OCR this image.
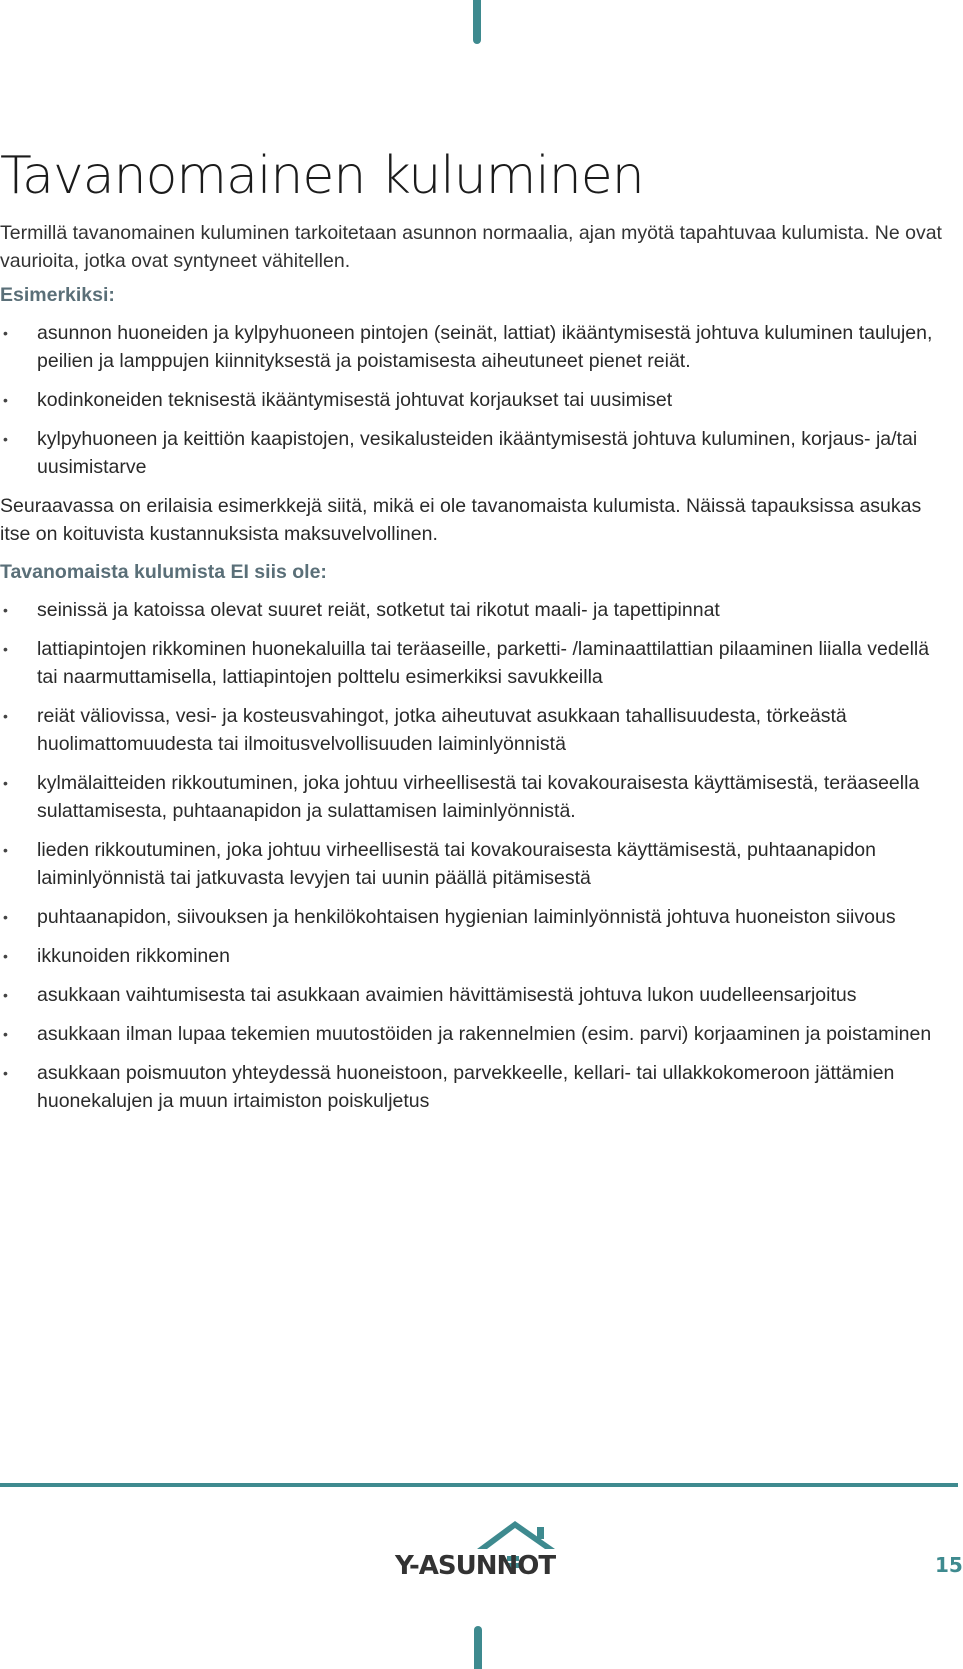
Tavanomainen kuluminen

Termillä tavanomainen kuluminen tarkoitetaan asunnon normaalia, ajan myötä tapahtuvaa kulumista. Ne ovat vaurioita, jotka ovat syntyneet vähitellen.

Esimerkiksi:
• asunnon huoneiden ja kylpyhuoneen pintojen (seinät, lattiat) ikääntymisestä johtuva kuluminen taulujen, peilien ja lamppujen kiinnityksestä ja poistamisesta aiheutuneet pienet reiät.
• kodinkoneiden teknisestä ikääntymisestä johtuvat korjaukset tai uusimiset
• kylpyhuoneen ja keittiön kaapistojen, vesikalusteiden ikääntymisestä johtuva kuluminen, korjaus- ja/tai uusimistarve

Seuraavassa on erilaisia esimerkkejä siitä, mikä ei ole tavanomaista kulumista. Näissä tapauksissa asukas itse on koituvista kustannuksista maksuvelvollinen.

Tavanomaista kulumista EI siis ole:
• seinissä ja katoissa olevat suuret reiät, sotketut tai rikotut maali- ja tapettipinnat
• lattiapintojen rikkominen huonekaluilla tai teräaseille, parketti- /laminaattilattian pilaaminen liialla vedellä tai naarmuttamisella, lattiapintojen polttelu esimerkiksi savukkeilla
• reiät väliovissa, vesi- ja kosteusvahingot, jotka aiheutuvat asukkaan tahallisuudesta, törkeästä huolimattomuudesta tai ilmoitusvelvollisuuden laiminlyönnistä
• kylmälaitteiden rikkoutuminen, joka johtuu virheellisestä tai kovakouraisesta käyttämisestä, teräaseella sulattamisesta, puhtaanapidon ja sulattamisen laiminlyönnistä.
• lieden rikkoutuminen, joka johtuu virheellisestä tai kovakouraisesta käyttämisestä, puhtaanapidon laiminlyönnistä tai jatkuvasta levyjen tai uunin päällä pitämisestä
• puhtaanapidon, siivouksen ja henkilökohtaisen hygienian laiminlyönnistä johtuva huoneiston siivous
• ikkunoiden rikkominen
• asukkaan vaihtumisesta tai asukkaan avaimien hävittämisestä johtuva lukon uudelleensarjoitus
• asukkaan ilman lupaa tekemien muutostöiden ja rakennelmien (esim. parvi) korjaaminen ja poistaminen
• asukkaan poismuuton yhteydessä huoneistoon, parvekkeelle, kellari- tai ullakkokomeroon jättämien huonekalujen ja muun irtaimiston poiskuljetus
Y-ASUNNOT	15
